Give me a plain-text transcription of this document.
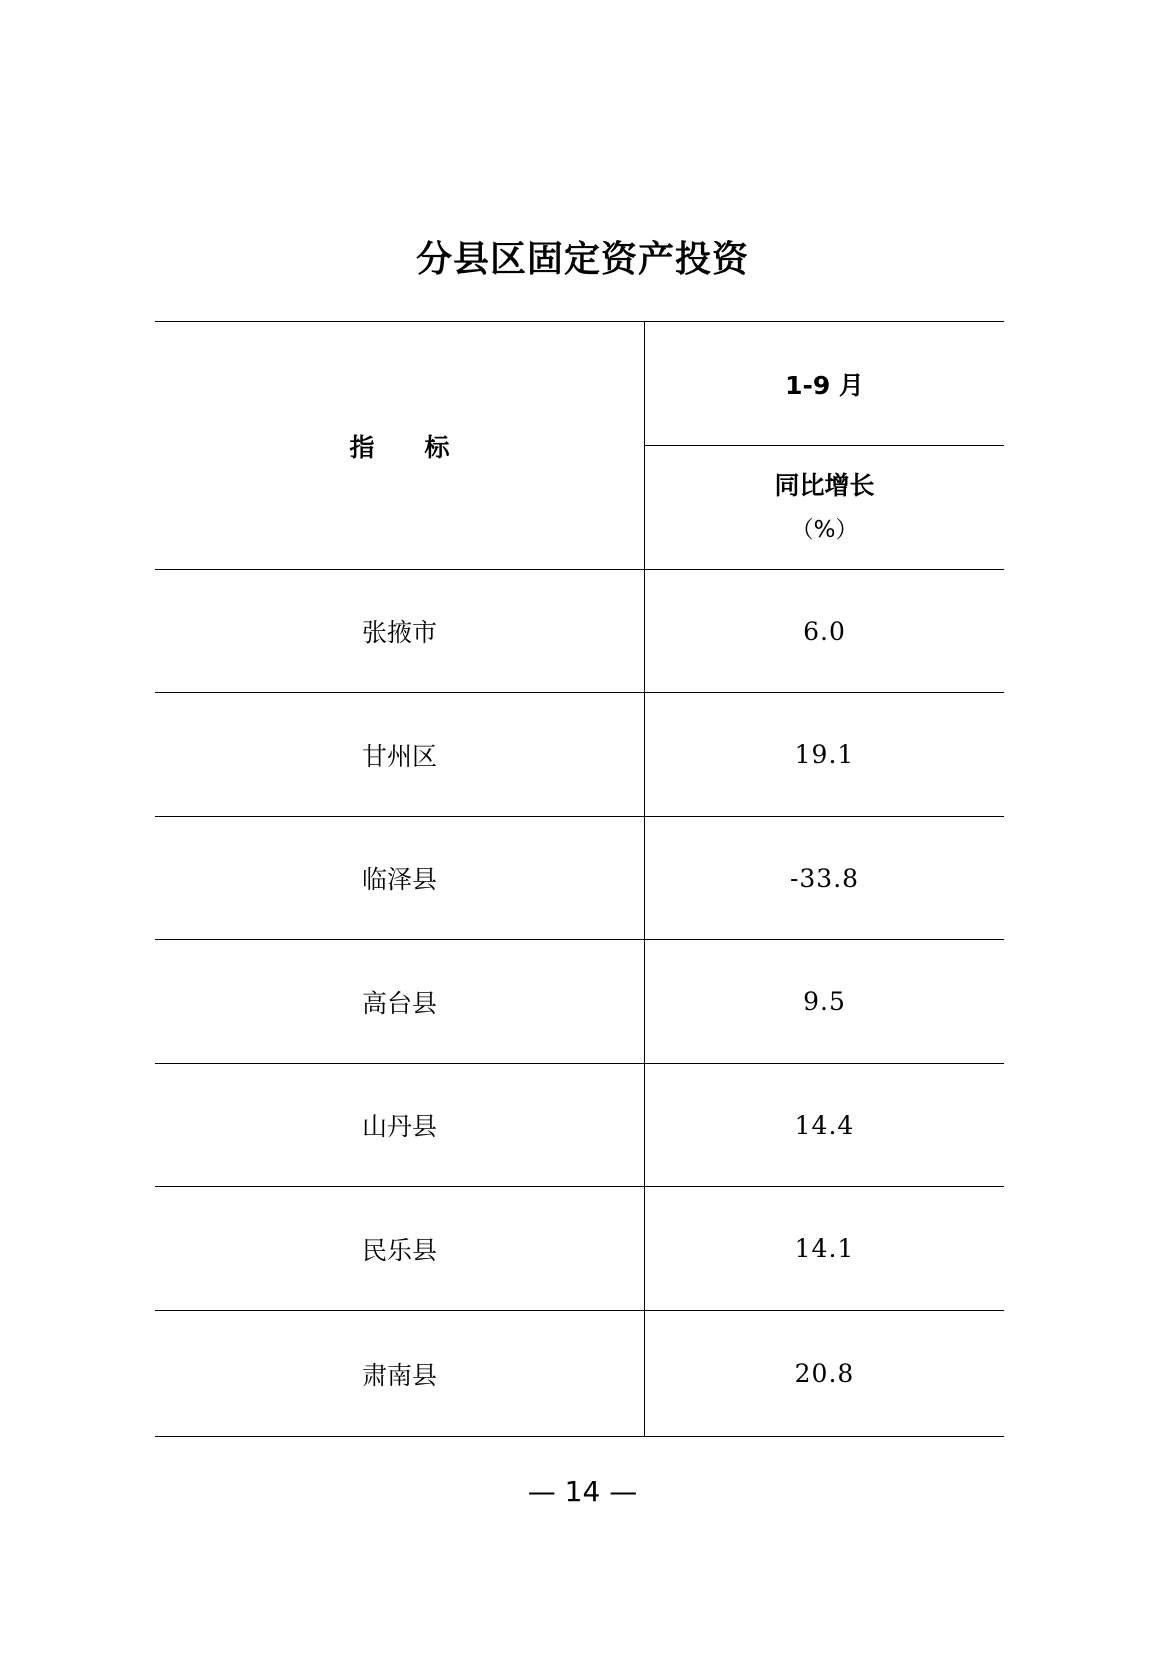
分县区固定资产投资
指　　标
1-9 月
同比增长
（%）
张掖市	6.0
甘州区	19.1
临泽县	-33.8
高台县	9.5
山丹县	14.4
民乐县	14.1
肃南县	20.8
— 14 —
